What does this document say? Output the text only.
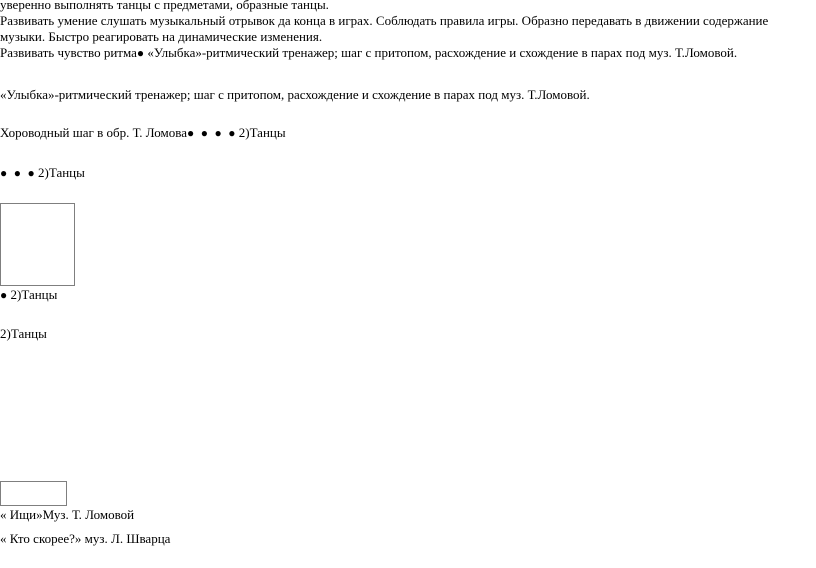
уверенно выполнять танцы с предметами, образные танцы.
Развивать умение слушать музыкальный отрывок да конца в играх. Соблюдать правила игры. Образно передавать в движении содержание музыки. Быстро реагировать на динамические изменения.
Развивать чувство ритма● «Улыбка»-ритмический тренажер; шаг с притопом, расхождение и схождение в парах под муз. Т.Ломовой.
«Улыбка»-ритмический тренажер; шаг с притопом, расхождение и схождение в парах под муз. Т.Ломовой.
Хороводный шаг в обр. Т. Ломова● ● ● ● 2)Танцы
● ● ● 2)Танцы
● 2)Танцы
2)Танцы
« Ищи»Муз. Т. Ломовой
« Кто скорее?» муз. Л. Шварца
